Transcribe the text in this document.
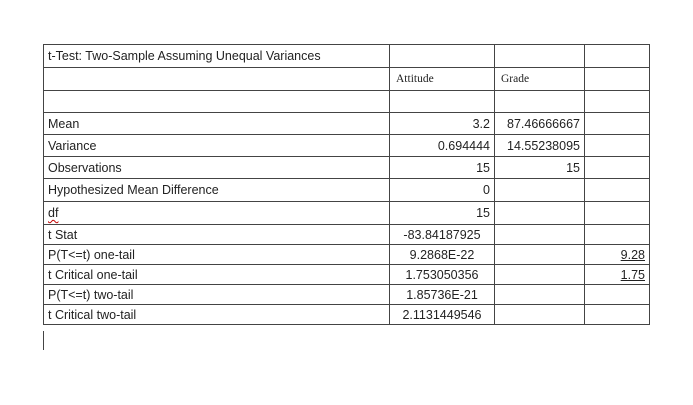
t-Test: Two-Sample Assuming Unequal Variances			
	Attitude	Grade	

Mean	3.2	87.46666667	
Variance	0.694444	14.55238095	
Observations	15	15	
Hypothesized Mean Difference	0		
df	15		
t Stat	-83.84187925		
P(T<=t) one-tail	9.2868E-22		9.28
t Critical one-tail	1.753050356		1.75
P(T<=t) two-tail	1.85736E-21		
t Critical two-tail	2.1131449546		
